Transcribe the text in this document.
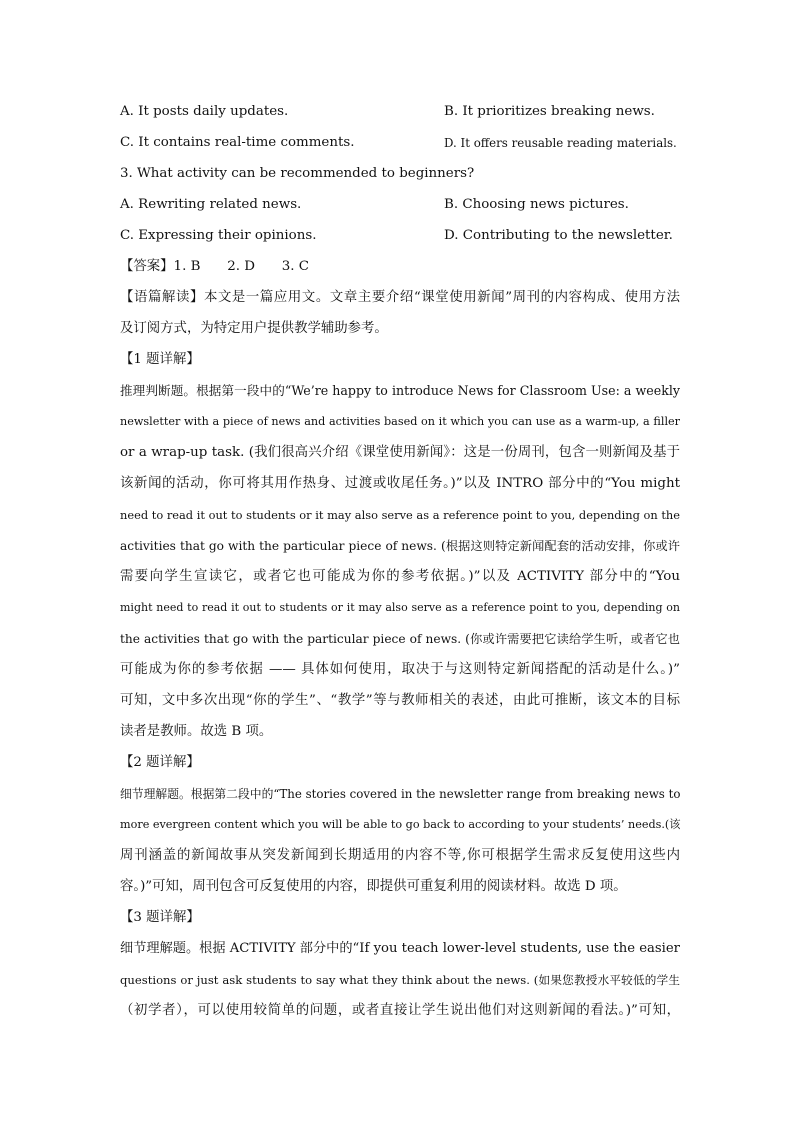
A. It posts daily updates.	B. It prioritizes breaking news.
C. It contains real-time comments.	D. It offers reusable reading materials.
3. What activity can be recommended to beginners?
A. Rewriting related news.	B. Choosing news pictures.
C. Expressing their opinions.	D. Contributing to the newsletter.
【答案】1. B　　2. D　　3. C
【语篇解读】本文是一篇应用文。文章主要介绍“课堂使用新闻”周刊的内容构成、使用方法
及订阅方式，为特定用户提供教学辅助参考。
【1 题详解】
推理判断题。根据第一段中的“We’re happy to introduce News for Classroom Use: a weekly
newsletter with a piece of news and activities based on it which you can use as a warm-up, a filler
or a wrap-up task. (我们很高兴介绍《课堂使用新闻》：这是一份周刊，包含一则新闻及基于
该新闻的活动，你可将其用作热身、过渡或收尾任务。)”以及 INTRO 部分中的“You might
need to read it out to students or it may also serve as a reference point to you, depending on the
activities that go with the particular piece of news. (根据这则特定新闻配套的活动安排，你或许
需要向学生宣读它，或者它也可能成为你的参考依据。)”以及 ACTIVITY 部分中的“You
might need to read it out to students or it may also serve as a reference point to you, depending on
the activities that go with the particular piece of news. (你或许需要把它读给学生听，或者它也
可能成为你的参考依据 —— 具体如何使用，取决于与这则特定新闻搭配的活动是什么。)”
可知，文中多次出现“你的学生”、“教学”等与教师相关的表述，由此可推断，该文本的目标
读者是教师。故选 B 项。
【2 题详解】
细节理解题。根据第二段中的“The stories covered in the newsletter range from breaking news to
more evergreen content which you will be able to go back to according to your students’ needs.(该
周刊涵盖的新闻故事从突发新闻到长期适用的内容不等,你可根据学生需求反复使用这些内
容。)”可知，周刊包含可反复使用的内容，即提供可重复利用的阅读材料。故选 D 项。
【3 题详解】
细节理解题。根据 ACTIVITY 部分中的“If you teach lower-level students, use the easier
questions or just ask students to say what they think about the news. (如果您教授水平较低的学生
（初学者），可以使用较简单的问题，或者直接让学生说出他们对这则新闻的看法。)”可知，
